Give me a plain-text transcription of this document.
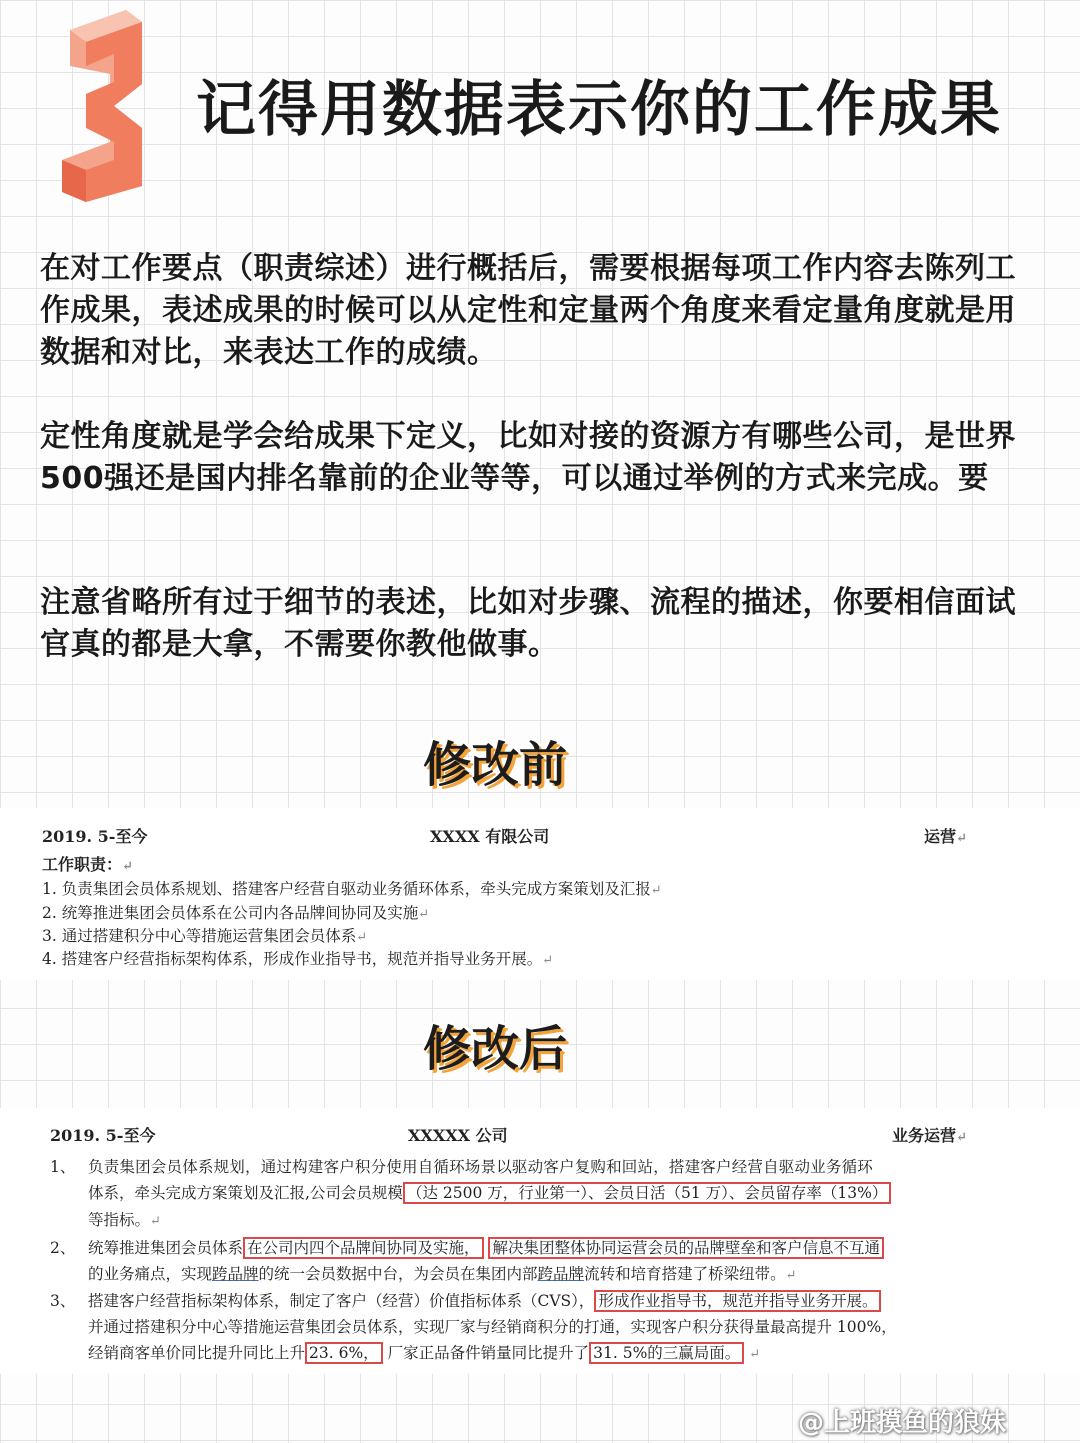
记得用数据表示你的工作成果
在对工作要点（职责综述）进行概括后，需要根据每项工作内容去陈列工作成果，表述成果的时候可以从定性和定量两个角度来看定量角度就是用数据和对比，来表达工作的成绩。
定性角度就是学会给成果下定义，比如对接的资源方有哪些公司，是世界500强还是国内排名靠前的企业等等，可以通过举例的方式来完成。要
注意省略所有过于细节的表述，比如对步骤、流程的描述，你要相信面试官真的都是大拿，不需要你教他做事。
修改前
2019. 5-至今	XXXX 有限公司	运营↵
工作职责：↵
1. 负责集团会员体系规划、搭建客户经营自驱动业务循环体系，牵头完成方案策划及汇报↵
2. 统筹推进集团会员体系在公司内各品牌间协同及实施↵
3. 通过搭建积分中心等措施运营集团会员体系↵
4. 搭建客户经营指标架构体系，形成作业指导书，规范并指导业务开展。↵
修改后
2019. 5-至今	XXXXX 公司	业务运营↵
1、 负责集团会员体系规划，通过构建客户积分使用自循环场景以驱动客户复购和回站，搭建客户经营自驱动业务循环
体系，牵头完成方案策划及汇报,公司会员规模 （达 2500 万，行业第一）、会员日活（51 万）、会员留存率（13%）
等指标。↵
2、 统筹推进集团会员体系 在公司内四个品牌间协同及实施， 解决集团整体协同运营会员的品牌壁垒和客户信息不互通
的业务痛点，实现跨品牌的统一会员数据中台，为会员在集团内部跨品牌流转和培育搭建了桥梁纽带。↵
3、 搭建客户经营指标架构体系，制定了客户（经营）价值指标体系（CVS）， 形成作业指导书，规范并指导业务开展。
并通过搭建积分中心等措施运营集团会员体系，实现厂家与经销商积分的打通，实现客户积分获得量最高提升 100%，
经销商客单价同比提升同比上升 23. 6%， 厂家正品备件销量同比提升了 31. 5%的三赢局面。 ↵
@上班摸鱼的狼妹
